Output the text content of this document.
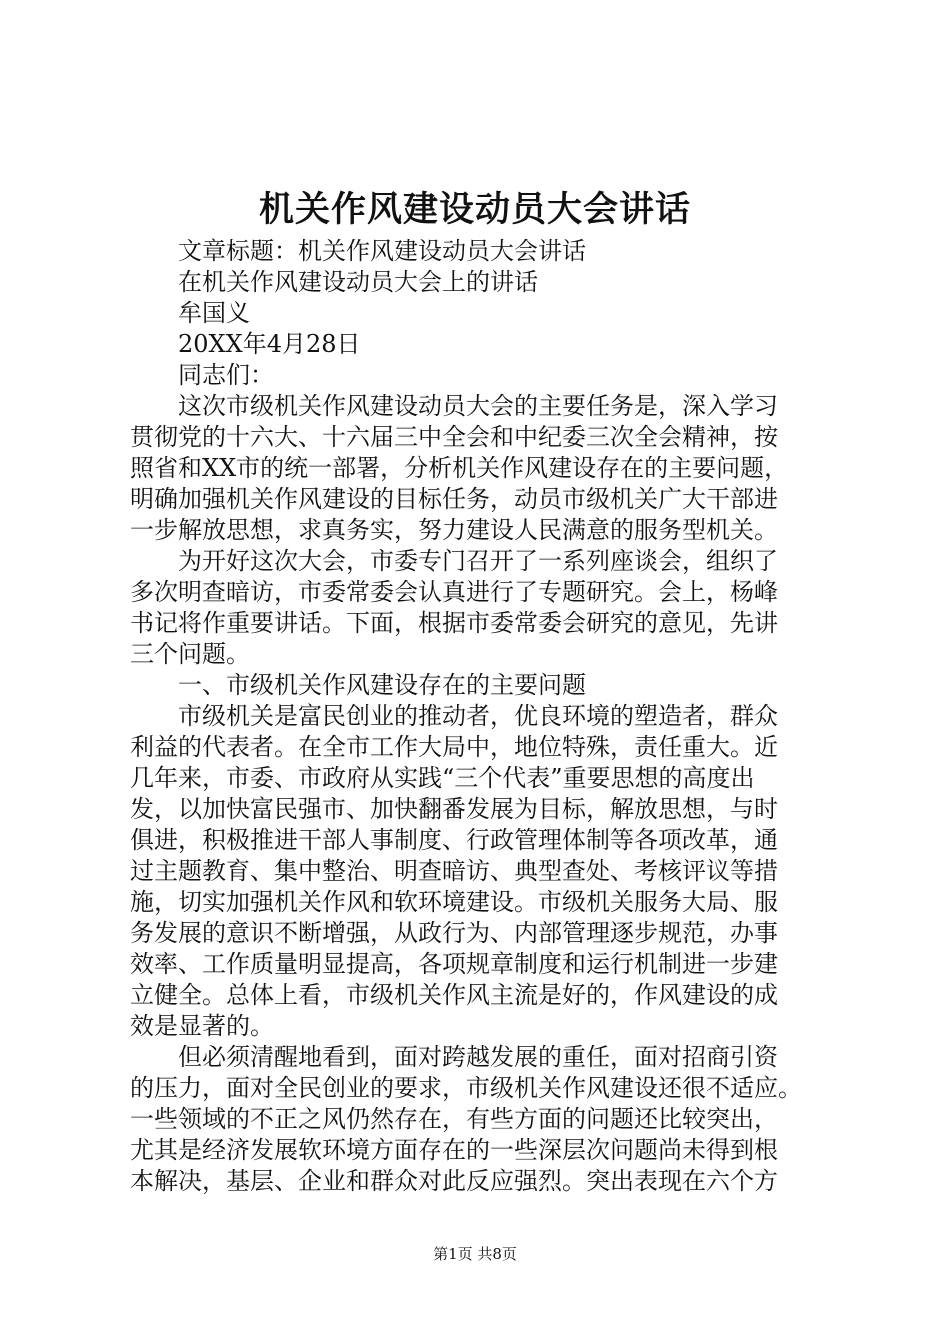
机关作风建设动员大会讲话
文章标题：机关作风建设动员大会讲话
在机关作风建设动员大会上的讲话
牟国义
20XX年4月28日
同志们：
　　这次市级机关作风建设动员大会的主要任务是，深入学习
贯彻党的十六大、十六届三中全会和中纪委三次全会精神，按
照省和XX市的统一部署，分析机关作风建设存在的主要问题，
明确加强机关作风建设的目标任务，动员市级机关广大干部进
一步解放思想，求真务实，努力建设人民满意的服务型机关。
　　为开好这次大会，市委专门召开了一系列座谈会，组织了
多次明查暗访，市委常委会认真进行了专题研究。会上，杨峰
书记将作重要讲话。下面，根据市委常委会研究的意见，先讲
三个问题。
　　一、市级机关作风建设存在的主要问题
　　市级机关是富民创业的推动者，优良环境的塑造者，群众
利益的代表者。在全市工作大局中，地位特殊，责任重大。近
几年来，市委、市政府从实践“三个代表”重要思想的高度出
发，以加快富民强市、加快翻番发展为目标，解放思想，与时
俱进，积极推进干部人事制度、行政管理体制等各项改革，通
过主题教育、集中整治、明查暗访、典型查处、考核评议等措
施，切实加强机关作风和软环境建设。市级机关服务大局、服
务发展的意识不断增强，从政行为、内部管理逐步规范，办事
效率、工作质量明显提高，各项规章制度和运行机制进一步建
立健全。总体上看，市级机关作风主流是好的，作风建设的成
效是显著的。
　　但必须清醒地看到，面对跨越发展的重任，面对招商引资
的压力，面对全民创业的要求，市级机关作风建设还很不适应。
一些领域的不正之风仍然存在，有些方面的问题还比较突出，
尤其是经济发展软环境方面存在的一些深层次问题尚未得到根
本解决，基层、企业和群众对此反应强烈。突出表现在六个方
第1页 共8页
